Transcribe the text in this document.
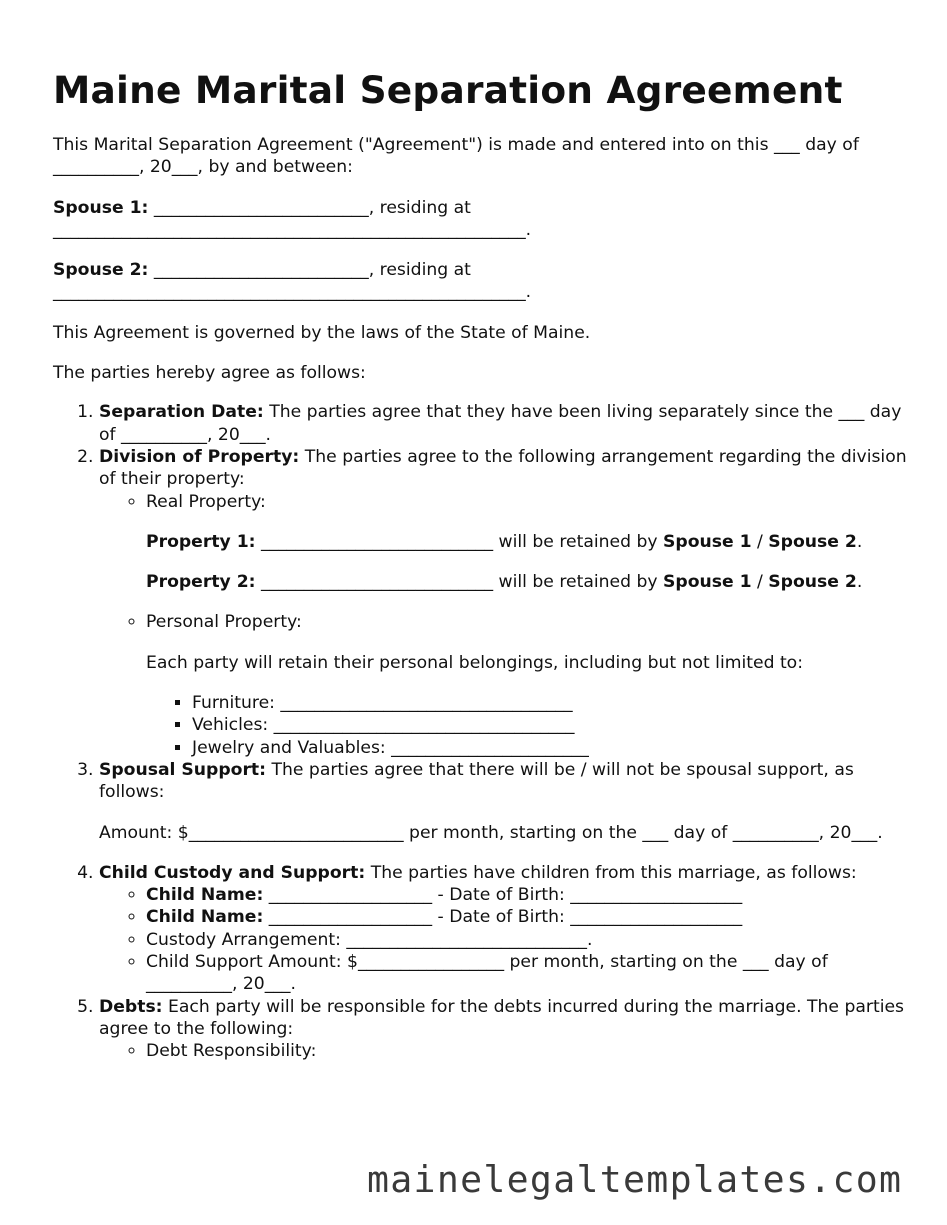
Maine Marital Separation Agreement

This Marital Separation Agreement ("Agreement") is made and entered into on this ___ day of __________, 20___, by and between:

Spouse 1: _________________________, residing at _______________________________________________________.

Spouse 2: _________________________, residing at _______________________________________________________.

This Agreement is governed by the laws of the State of Maine.

The parties hereby agree as follows:

1. Separation Date: The parties agree that they have been living separately since the ___ day of __________, 20___.
2. Division of Property: The parties agree to the following arrangement regarding the division of their property:
◦ Real Property:
Property 1: ___________________________ will be retained by Spouse 1 / Spouse 2.
Property 2: ___________________________ will be retained by Spouse 1 / Spouse 2.
◦ Personal Property:
Each party will retain their personal belongings, including but not limited to:
▪ Furniture: __________________________________
▪ Vehicles: ___________________________________
▪ Jewelry and Valuables: _______________________
3. Spousal Support: The parties agree that there will be / will not be spousal support, as follows:
Amount: $_________________________ per month, starting on the ___ day of __________, 20___.
4. Child Custody and Support: The parties have children from this marriage, as follows:
◦ Child Name: ___________________ - Date of Birth: ____________________
◦ Child Name: ___________________ - Date of Birth: ____________________
◦ Custody Arrangement: ____________________________.
◦ Child Support Amount: $_________________ per month, starting on the ___ day of __________, 20___.
5. Debts: Each party will be responsible for the debts incurred during the marriage. The parties agree to the following:
◦ Debt Responsibility:
mainelegaltemplates.com
